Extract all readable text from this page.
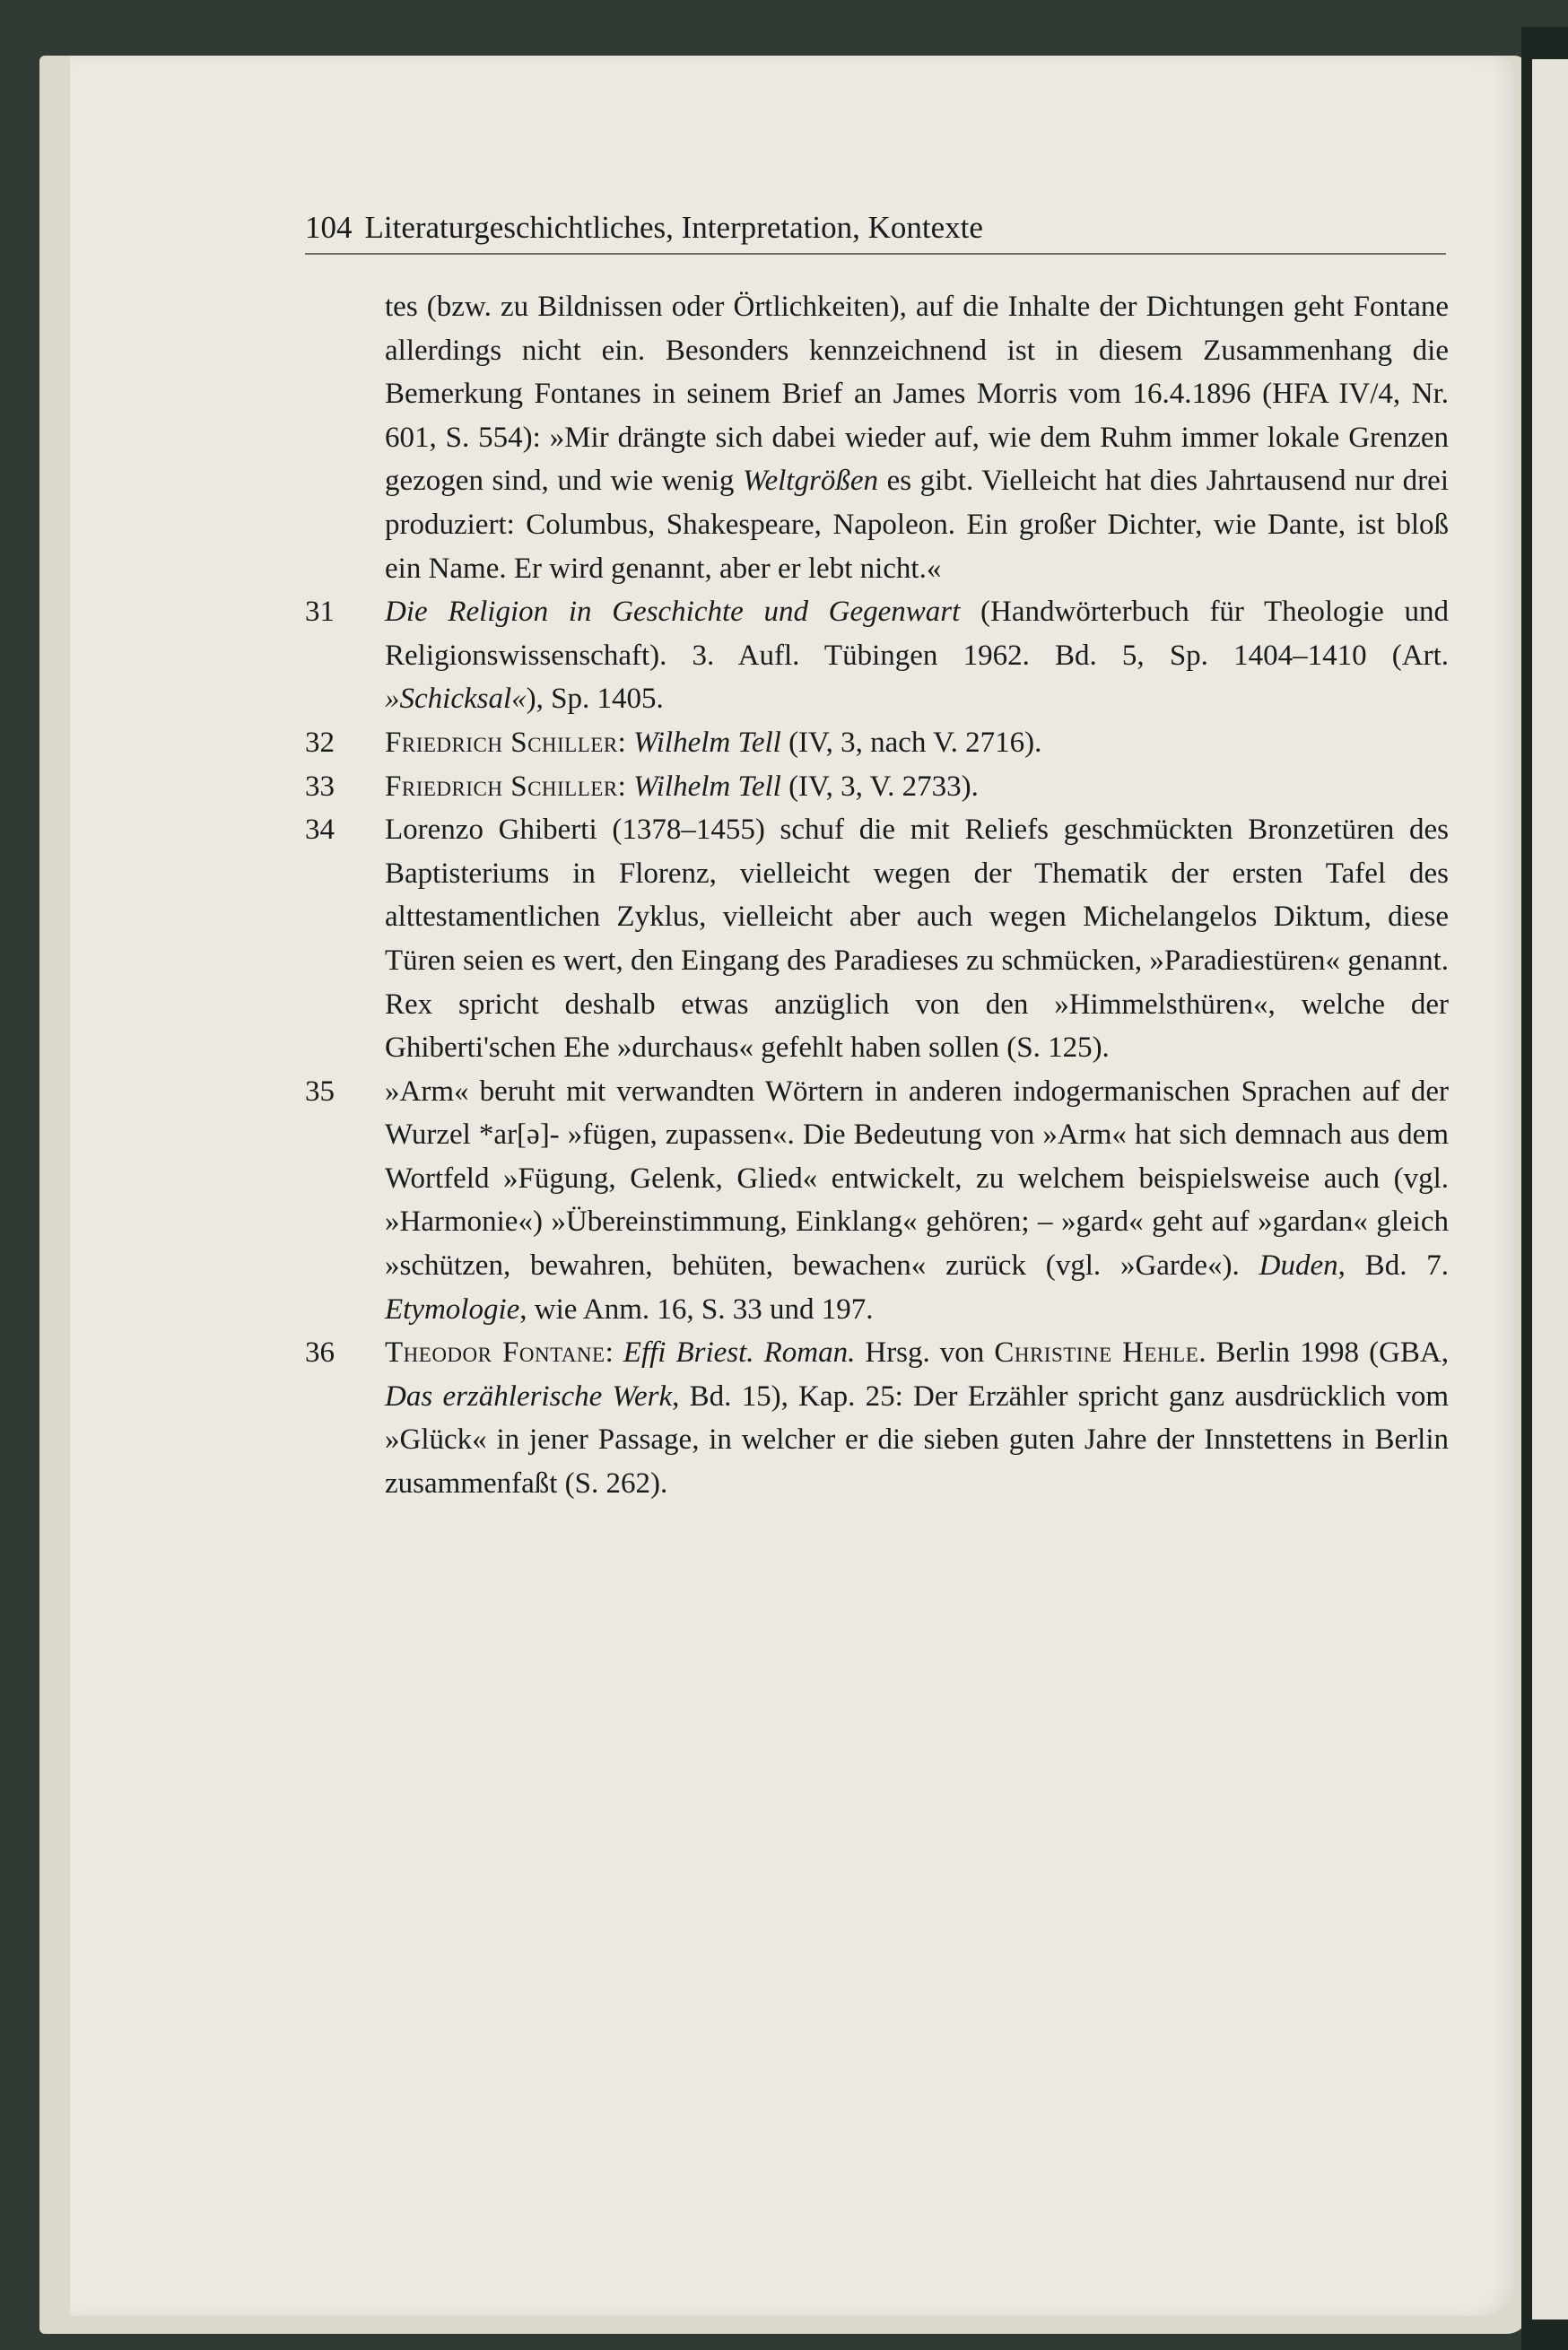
104 Literaturgeschichtliches, Interpretation, Kontexte

tes (bzw. zu Bildnissen oder Örtlichkeiten), auf die Inhalte der Dichtungen geht Fontane allerdings nicht ein. Besonders kennzeichnend ist in diesem Zusammenhang die Bemerkung Fontanes in seinem Brief an James Morris vom 16.4.1896 (HFA IV/4, Nr. 601, S. 554): »Mir drängte sich dabei wieder auf, wie dem Ruhm immer lokale Grenzen gezogen sind, und wie wenig Weltgrößen es gibt. Vielleicht hat dies Jahrtausend nur drei produziert: Columbus, Shakespeare, Napoleon. Ein großer Dichter, wie Dante, ist bloß ein Name. Er wird genannt, aber er lebt nicht.«

31	Die Religion in Geschichte und Gegenwart (Handwörterbuch für Theologie und Religionswissenschaft). 3. Aufl. Tübingen 1962. Bd. 5, Sp. 1404–1410 (Art. »Schicksal«), Sp. 1405.

32	Friedrich Schiller: Wilhelm Tell (IV, 3, nach V. 2716).

33	Friedrich Schiller: Wilhelm Tell (IV, 3, V. 2733).

34	Lorenzo Ghiberti (1378–1455) schuf die mit Reliefs geschmückten Bronzetüren des Baptisteriums in Florenz, vielleicht wegen der Thematik der ersten Tafel des alttestamentlichen Zyklus, vielleicht aber auch wegen Michelangelos Diktum, diese Türen seien es wert, den Eingang des Paradieses zu schmücken, »Paradiestüren« genannt. Rex spricht deshalb etwas anzüglich von den »Himmelsthüren«, welche der Ghiberti'schen Ehe »durchaus« gefehlt haben sollen (S. 125).

35	»Arm« beruht mit verwandten Wörtern in anderen indogermanischen Sprachen auf der Wurzel *ar[ə]- »fügen, zupassen«. Die Bedeutung von »Arm« hat sich demnach aus dem Wortfeld »Fügung, Gelenk, Glied« entwickelt, zu welchem beispielsweise auch (vgl. »Harmonie«) »Übereinstimmung, Einklang« gehören; – »gard« geht auf »gardan« gleich »schützen, bewahren, behüten, bewachen« zurück (vgl. »Garde«). Duden, Bd. 7. Etymologie, wie Anm. 16, S. 33 und 197.

36	Theodor Fontane: Effi Briest. Roman. Hrsg. von Christine Hehle. Berlin 1998 (GBA, Das erzählerische Werk, Bd. 15), Kap. 25: Der Erzähler spricht ganz ausdrücklich vom »Glück« in jener Passage, in welcher er die sieben guten Jahre der Innstettens in Berlin zusammenfaßt (S. 262).
